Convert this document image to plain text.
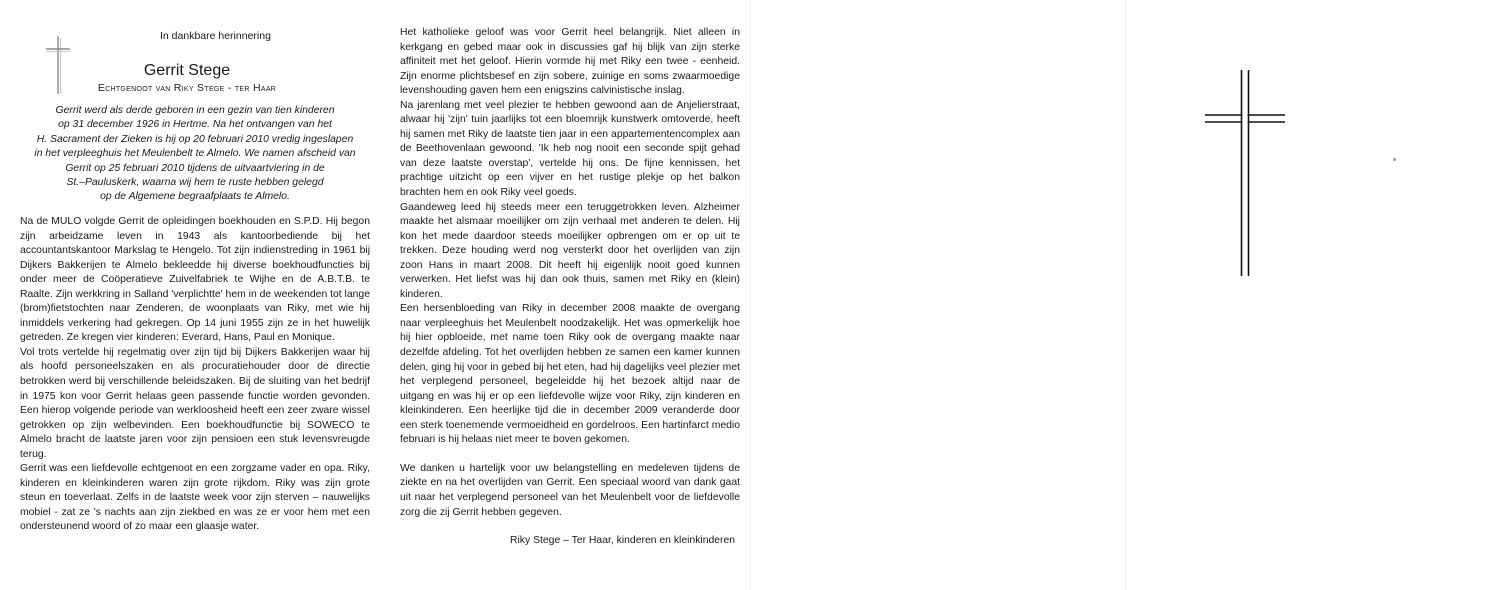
In dankbare herinnering
Gerrit Stege
Echtgenoot van Riky Stege - ter Haar
Gerrit werd als derde geboren in een gezin van tien kinderen
op 31 december 1926 in Hertme. Na het ontvangen van het
H. Sacrament der Zieken is hij op 20 februari 2010 vredig ingeslapen
in het verpleeghuis het Meulenbelt te Almelo. We namen afscheid van
Gerrit op 25 februari 2010 tijdens de uitvaartviering in de
St.–Pauluskerk, waarna wij hem te ruste hebben gelegd
op de Algemene begraafplaats te Almelo.

Na de MULO volgde Gerrit de opleidingen boekhouden en S.P.D. Hij begon zijn arbeidzame leven in 1943 als kantoorbediende bij het accountantskantoor Markslag te Hengelo. Tot zijn indienstreding in 1961 bij Dijkers Bakkerijen te Almelo bekleedde hij diverse boekhoudfuncties bij onder meer de Coöperatieve Zuivelfabriek te Wijhe en de A.B.T.B. te Raalte. Zijn werkkring in Salland 'verplichtte' hem in de weekenden tot lange (brom)fietstochten naar Zenderen, de woonplaats van Riky, met wie hij inmiddels verkering had gekregen. Op 14 juni 1955 zijn ze in het huwelijk getreden. Ze kregen vier kinderen: Everard, Hans, Paul en Monique.

Vol trots vertelde hij regelmatig over zijn tijd bij Dijkers Bakkerijen waar hij als hoofd personeelszaken en als procuratiehouder door de directie betrokken werd bij verschillende beleidszaken. Bij de sluiting van het bedrijf in 1975 kon voor Gerrit helaas geen passende functie worden gevonden. Een hierop volgende periode van werkloosheid heeft een zeer zware wissel getrokken op zijn welbevinden. Een boekhoudfunctie bij SOWECO te Almelo bracht de laatste jaren voor zijn pensioen een stuk levensvreugde terug.

Gerrit was een liefdevolle echtgenoot en een zorgzame vader en opa. Riky, kinderen en kleinkinderen waren zijn grote rijkdom. Riky was zijn grote steun en toeverlaat. Zelfs in de laatste week voor zijn sterven – nauwelijks mobiel - zat ze 's nachts aan zijn ziekbed en was ze er voor hem met een ondersteunend woord of zo maar een glaasje water.

Het katholieke geloof was voor Gerrit heel belangrijk. Niet alleen in kerkgang en gebed maar ook in discussies gaf hij blijk van zijn sterke affiniteit met het geloof. Hierin vormde hij met Riky een twee - eenheid. Zijn enorme plichtsbesef en zijn sobere, zuinige en soms zwaarmoedige levenshouding gaven hem een enigszins calvinistische inslag.

Na jarenlang met veel plezier te hebben gewoond aan de Anjelierstraat, alwaar hij 'zijn' tuin jaarlijks tot een bloemrijk kunstwerk omtoverde, heeft hij samen met Riky de laatste tien jaar in een appartementencomplex aan de Beethovenlaan gewoond. 'Ik heb nog nooit een seconde spijt gehad van deze laatste overstap', vertelde hij ons. De fijne kennissen, het prachtige uitzicht op een vijver en het rustige plekje op het balkon brachten hem en ook Riky veel goeds.

Gaandeweg leed hij steeds meer een teruggetrokken leven. Alzheimer maakte het alsmaar moeilijker om zijn verhaal met anderen te delen. Hij kon het mede daardoor steeds moeilijker opbrengen om er op uit te trekken. Deze houding werd nog versterkt door het overlijden van zijn zoon Hans in maart 2008. Dit heeft hij eigenlijk nooit goed kunnen verwerken. Het liefst was hij dan ook thuis, samen met Riky en (klein) kinderen.

Een hersenbloeding van Riky in december 2008 maakte de overgang naar verpleeghuis het Meulenbelt noodzakelijk. Het was opmerkelijk hoe hij hier opbloeide, met name toen Riky ook de overgang maakte naar dezelfde afdeling. Tot het overlijden hebben ze samen een kamer kunnen delen, ging hij voor in gebed bij het eten, had hij dagelijks veel plezier met het verplegend personeel, begeleidde hij het bezoek altijd naar de uitgang en was hij er op een liefdevolle wijze voor Riky, zijn kinderen en kleinkinderen. Een heerlijke tijd die in december 2009 veranderde door een sterk toenemende vermoeidheid en gordelroos. Een hartinfarct medio februari is hij helaas niet meer te boven gekomen.

We danken u hartelijk voor uw belangstelling en medeleven tijdens de ziekte en na het overlijden van Gerrit. Een speciaal woord van dank gaat uit naar het verplegend personeel van het Meulenbelt voor de liefdevolle zorg die zij Gerrit hebben gegeven.

Riky Stege – Ter Haar, kinderen en kleinkinderen
